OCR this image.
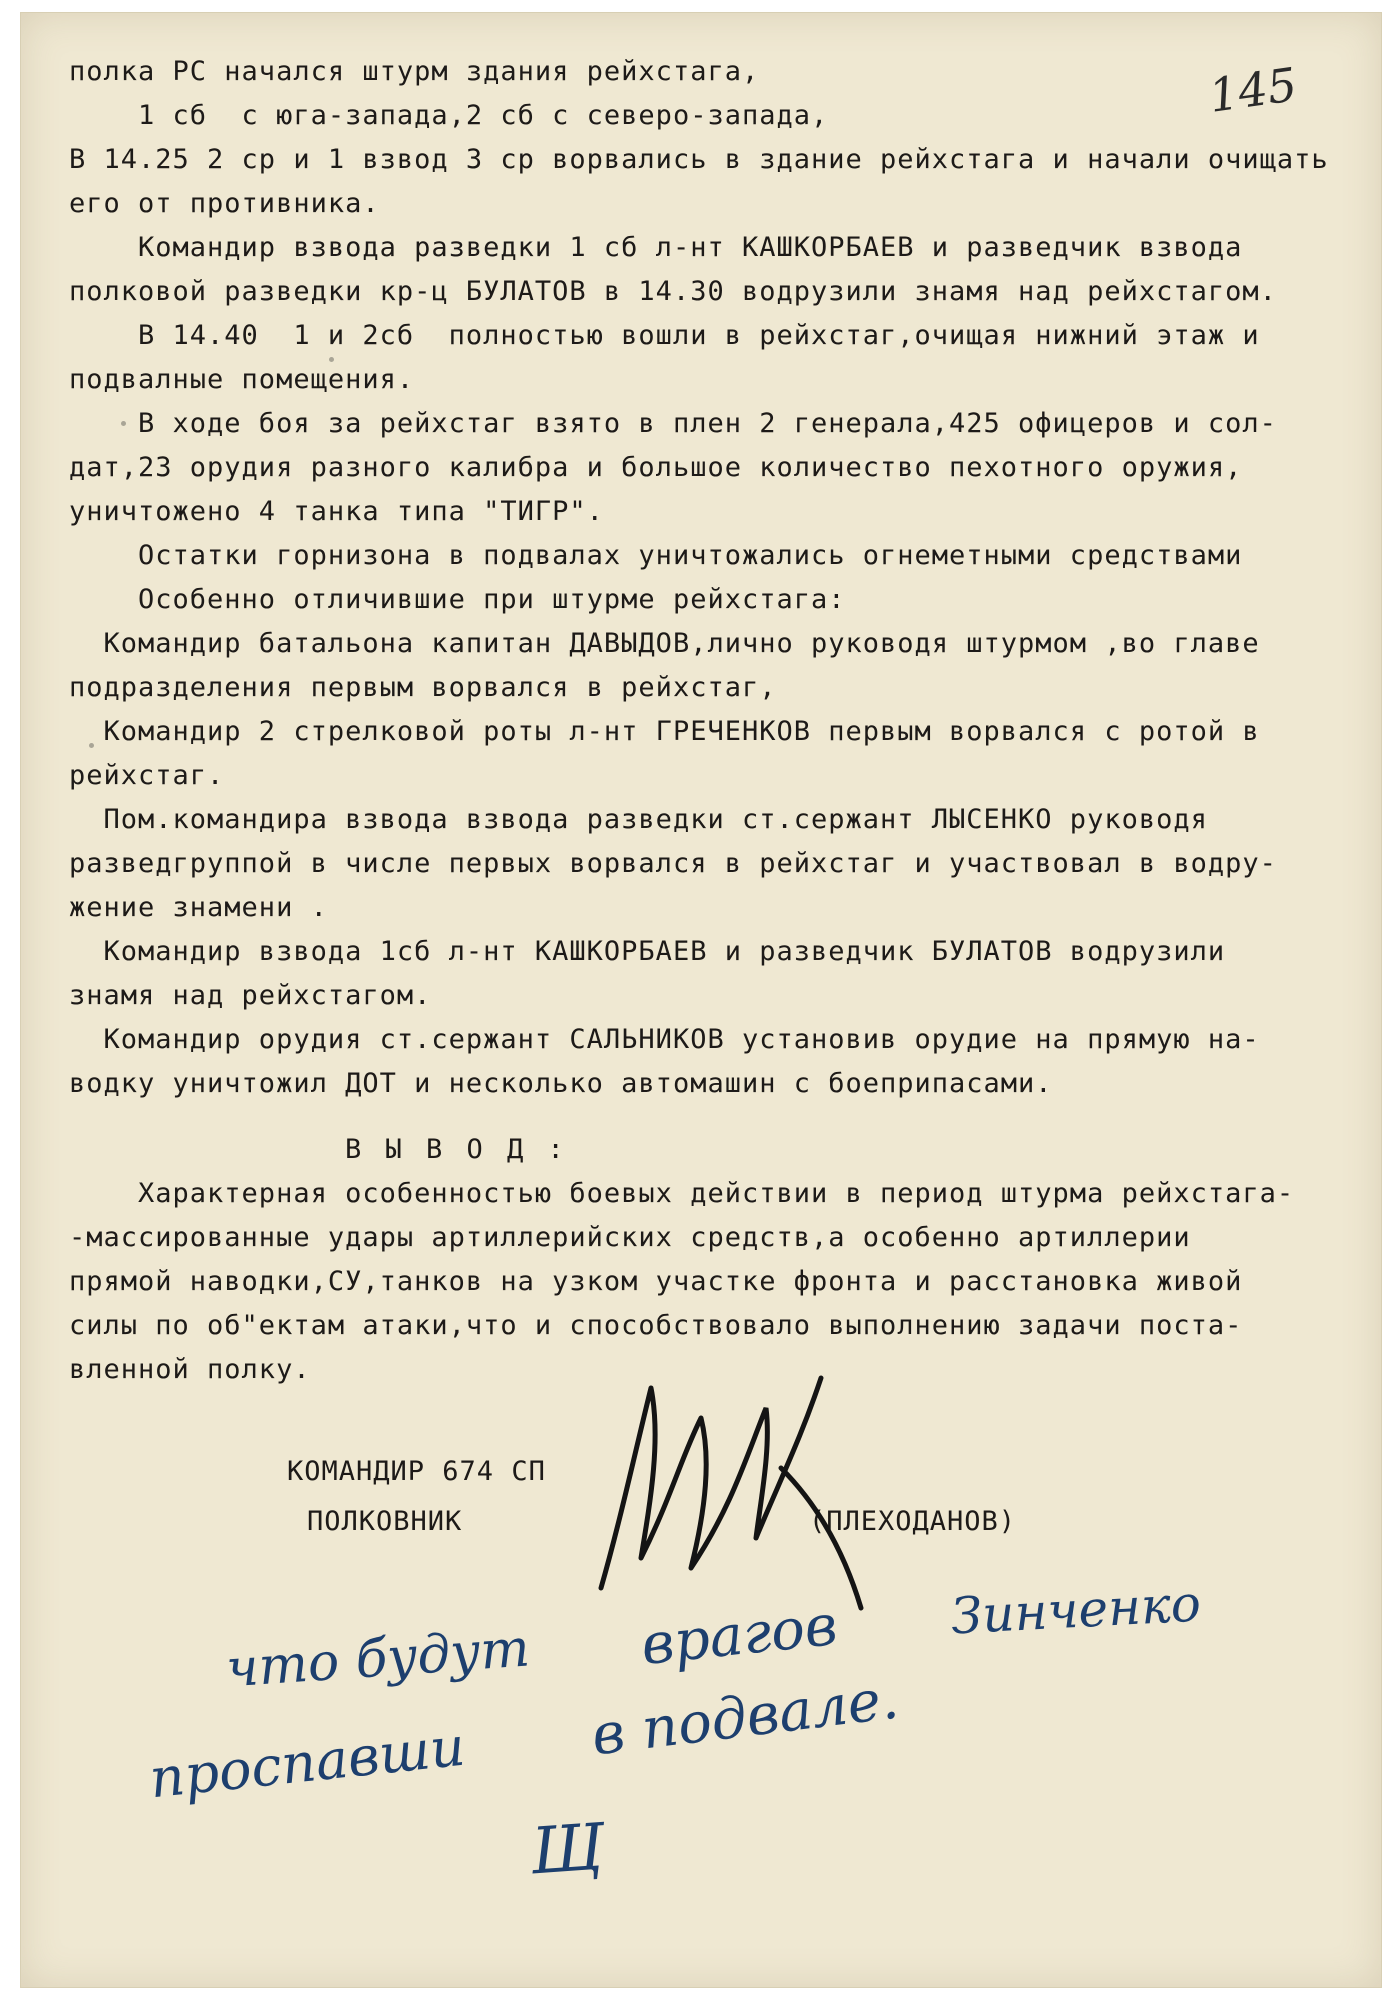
145
полка РС начался штурм здания рейхстага,
1 сб  с юга-запада,2 сб с северо-запада,
В 14.25 2 ср и 1 взвод 3 ср ворвались в здание рейхстага и начали очищать
его от противника.
Командир взвода разведки 1 сб л-нт КАШКОРБАЕВ и разведчик взвода
полковой разведки кр-ц БУЛАТОВ в 14.30 водрузили знамя над рейхстагом.
В 14.40  1 и 2сб  полностью вошли в рейхстаг,очищая нижний этаж и
подвалные помещения.
В ходе боя за рейхстаг взято в плен 2 генерала,425 офицеров и сол-
дат,23 орудия разного калибра и большое количество пехотного оружия,
уничтожено 4 танка типа "ТИГР".
Остатки горнизона в подвалах уничтожались огнеметными средствами
Особенно отличившие при штурме рейхстага:
Командир батальона капитан ДАВЫДОВ,лично руководя штурмом ,во главе
подразделения первым ворвался в рейхстаг,
Командир 2 стрелковой роты л-нт ГРЕЧЕНКОВ первым ворвался с ротой в
рейхстаг.
Пом.командира взвода взвода разведки ст.сержант ЛЫСЕНКО руководя
разведгруппой в числе первых ворвался в рейхстаг и участвовал в водру-
жение знамени .
Командир взвода 1сб л-нт КАШКОРБАЕВ и разведчик БУЛАТОВ водрузили
знамя над рейхстагом.
Командир орудия ст.сержант САЛЬНИКОВ установив орудие на прямую на-
водку уничтожил ДОТ и несколько автомашин с боеприпасами.
В Ы В О Д :
Характерная особенностью боевых действии в период штурма рейхстага-
-массированные удары артиллерийских средств,а особенно артиллерии
прямой наводки,СУ,танков на узком участке фронта и расстановка живой
силы по об"ектам атаки,что и способствовало выполнению задачи поста-
вленной полку.
КОМАНДИР 674 СП
ПОЛКОВНИК	(ПЛЕХОДАНОВ)
что будут врагов Зинченко
проспавши в подвале.
Щ
